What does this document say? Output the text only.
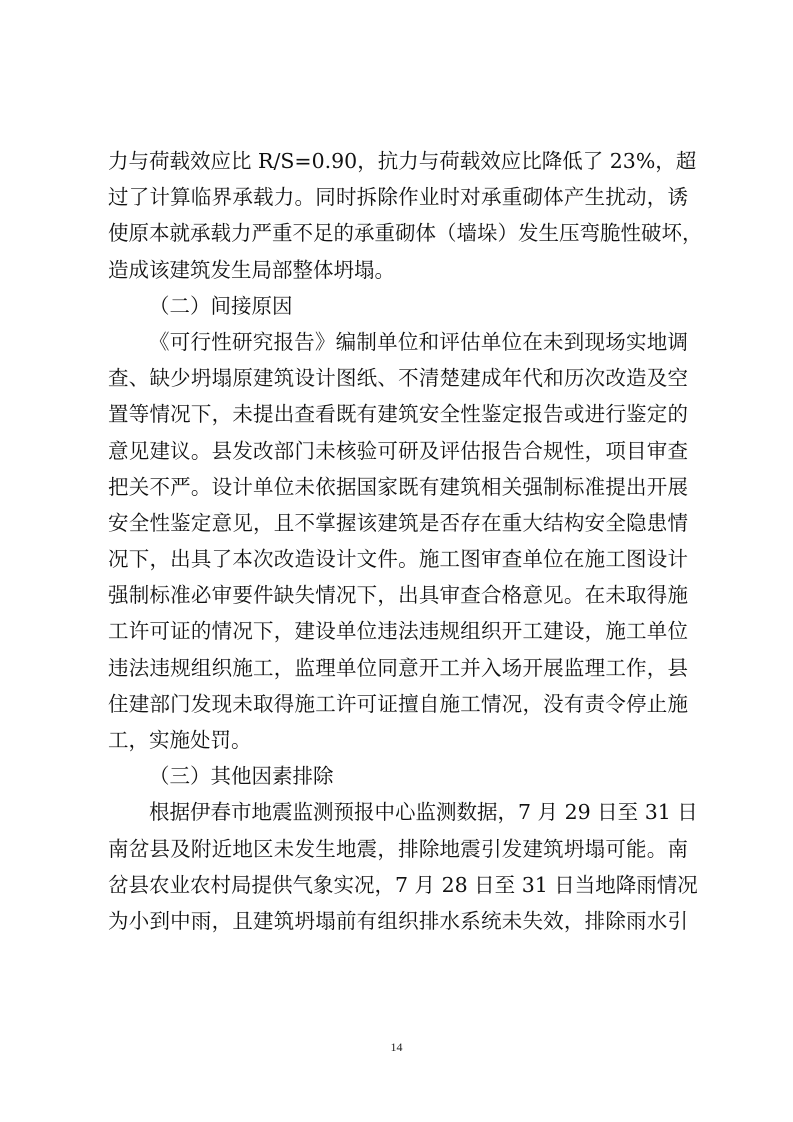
力与荷载效应比 R/S=0.90，抗力与荷载效应比降低了 23%，超
过了计算临界承载力。同时拆除作业时对承重砌体产生扰动，诱
使原本就承载力严重不足的承重砌体（墙垛）发生压弯脆性破坏，
造成该建筑发生局部整体坍塌。
（二）间接原因
《可行性研究报告》编制单位和评估单位在未到现场实地调
查、缺少坍塌原建筑设计图纸、不清楚建成年代和历次改造及空
置等情况下，未提出查看既有建筑安全性鉴定报告或进行鉴定的
意见建议。县发改部门未核验可研及评估报告合规性，项目审查
把关不严。设计单位未依据国家既有建筑相关强制标准提出开展
安全性鉴定意见，且不掌握该建筑是否存在重大结构安全隐患情
况下，出具了本次改造设计文件。施工图审查单位在施工图设计
强制标准必审要件缺失情况下，出具审查合格意见。在未取得施
工许可证的情况下，建设单位违法违规组织开工建设，施工单位
违法违规组织施工，监理单位同意开工并入场开展监理工作，县
住建部门发现未取得施工许可证擅自施工情况，没有责令停止施
工，实施处罚。
（三）其他因素排除
根据伊春市地震监测预报中心监测数据，7 月 29 日至 31 日
南岔县及附近地区未发生地震，排除地震引发建筑坍塌可能。南
岔县农业农村局提供气象实况，7 月 28 日至 31 日当地降雨情况
为小到中雨，且建筑坍塌前有组织排水系统未失效，排除雨水引
14
